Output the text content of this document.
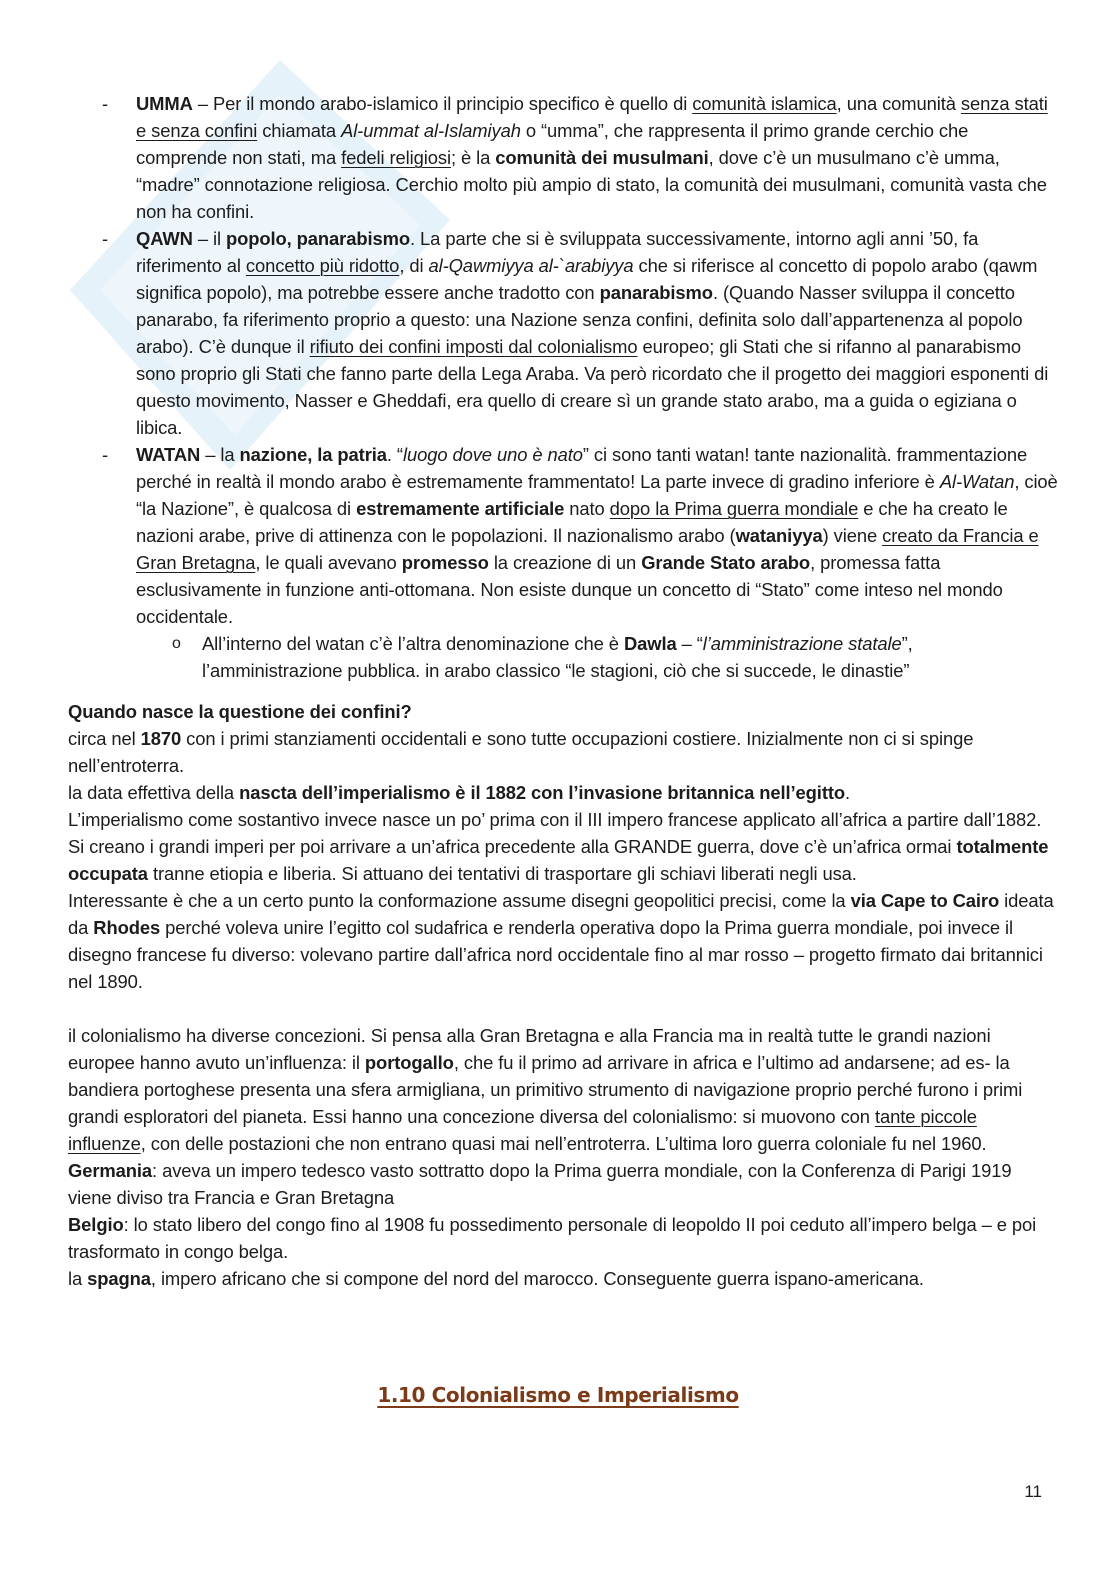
- UMMA – Per il mondo arabo-islamico il principio specifico è quello di comunità islamica, una comunità senza stati e senza confini chiamata Al-ummat al-Islamiyah o “umma”, che rappresenta il primo grande cerchio che comprende non stati, ma fedeli religiosi; è la comunità dei musulmani, dove c’è un musulmano c’è umma, “madre” connotazione religiosa. Cerchio molto più ampio di stato, la comunità dei musulmani, comunità vasta che non ha confini.
- QAWN – il popolo, panarabismo. La parte che si è sviluppata successivamente, intorno agli anni ’50, fa riferimento al concetto più ridotto, di al-Qawmiyya al-`arabiyya che si riferisce al concetto di popolo arabo (qawm significa popolo), ma potrebbe essere anche tradotto con panarabismo. (Quando Nasser sviluppa il concetto panarabo, fa riferimento proprio a questo: una Nazione senza confini, definita solo dall’appartenenza al popolo arabo). C’è dunque il rifiuto dei confini imposti dal colonialismo europeo; gli Stati che si rifanno al panarabismo sono proprio gli Stati che fanno parte della Lega Araba. Va però ricordato che il progetto dei maggiori esponenti di questo movimento, Nasser e Gheddafi, era quello di creare sì un grande stato arabo, ma a guida o egiziana o libica.
- WATAN – la nazione, la patria. “luogo dove uno è nato” ci sono tanti watan! tante nazionalità. frammentazione perché in realtà il mondo arabo è estremamente frammentato! La parte invece di gradino inferiore è Al-Watan, cioè “la Nazione”, è qualcosa di estremamente artificiale nato dopo la Prima guerra mondiale e che ha creato le nazioni arabe, prive di attinenza con le popolazioni. Il nazionalismo arabo (wataniyya) viene creato da Francia e Gran Bretagna, le quali avevano promesso la creazione di un Grande Stato arabo, promessa fatta esclusivamente in funzione anti-ottomana. Non esiste dunque un concetto di “Stato” come inteso nel mondo occidentale.
o All’interno del watan c’è l’altra denominazione che è Dawla – “l’amministrazione statale”, l’amministrazione pubblica. in arabo classico “le stagioni, ciò che si succede, le dinastie”

Quando nasce la questione dei confini?

circa nel 1870 con i primi stanziamenti occidentali e sono tutte occupazioni costiere. Inizialmente non ci si spinge nell’entroterra.

la data effettiva della nascta dell’imperialismo è il 1882 con l’invasione britannica nell’egitto.

L’imperialismo come sostantivo invece nasce un po’ prima con il III impero francese applicato all’africa a partire dall’1882. Si creano i grandi imperi per poi arrivare a un’africa precedente alla GRANDE guerra, dove c’è un’africa ormai totalmente occupata tranne etiopia e liberia. Si attuano dei tentativi di trasportare gli schiavi liberati negli usa.

Interessante è che a un certo punto la conformazione assume disegni geopolitici precisi, come la via Cape to Cairo ideata da Rhodes perché voleva unire l’egitto col sudafrica e renderla operativa dopo la Prima guerra mondiale, poi invece il disegno francese fu diverso: volevano partire dall’africa nord occidentale fino al mar rosso – progetto firmato dai britannici nel 1890.

il colonialismo ha diverse concezioni. Si pensa alla Gran Bretagna e alla Francia ma in realtà tutte le grandi nazioni europee hanno avuto un’influenza: il portogallo, che fu il primo ad arrivare in africa e l’ultimo ad andarsene; ad es- la bandiera portoghese presenta una sfera armigliana, un primitivo strumento di navigazione proprio perché furono i primi grandi esploratori del pianeta. Essi hanno una concezione diversa del colonialismo: si muovono con tante piccole influenze, con delle postazioni che non entrano quasi mai nell’entroterra. L’ultima loro guerra coloniale fu nel 1960.

Germania: aveva un impero tedesco vasto sottratto dopo la Prima guerra mondiale, con la Conferenza di Parigi 1919 viene diviso tra Francia e Gran Bretagna

Belgio: lo stato libero del congo fino al 1908 fu possedimento personale di leopoldo II poi ceduto all’impero belga – e poi trasformato in congo belga.

la spagna, impero africano che si compone del nord del marocco. Conseguente guerra ispano-americana.

1.10 Colonialismo e Imperialismo
11
